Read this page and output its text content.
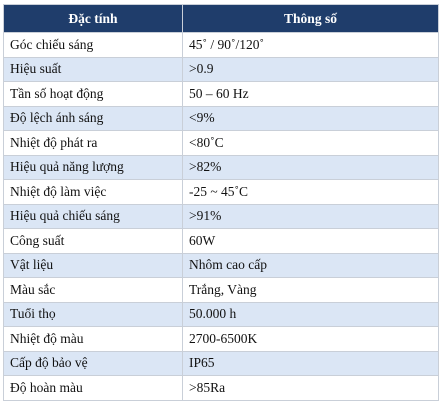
Đặc tính	Thông số
Góc chiếu sáng	45˚ / 90˚/120˚
Hiệu suất	>0.9
Tần số hoạt động	50 – 60 Hz
Độ lệch ánh sáng	<9%
Nhiệt độ phát ra	<80˚C
Hiệu quả năng lượng	>82%
Nhiệt độ làm việc	-25 ~ 45˚C
Hiệu quả chiếu sáng	>91%
Công suất	60W
Vật liệu	Nhôm cao cấp
Màu sắc	Trắng, Vàng
Tuổi thọ	50.000 h
Nhiệt độ màu	2700-6500K
Cấp độ bảo vệ	IP65
Độ hoàn màu	>85Ra
